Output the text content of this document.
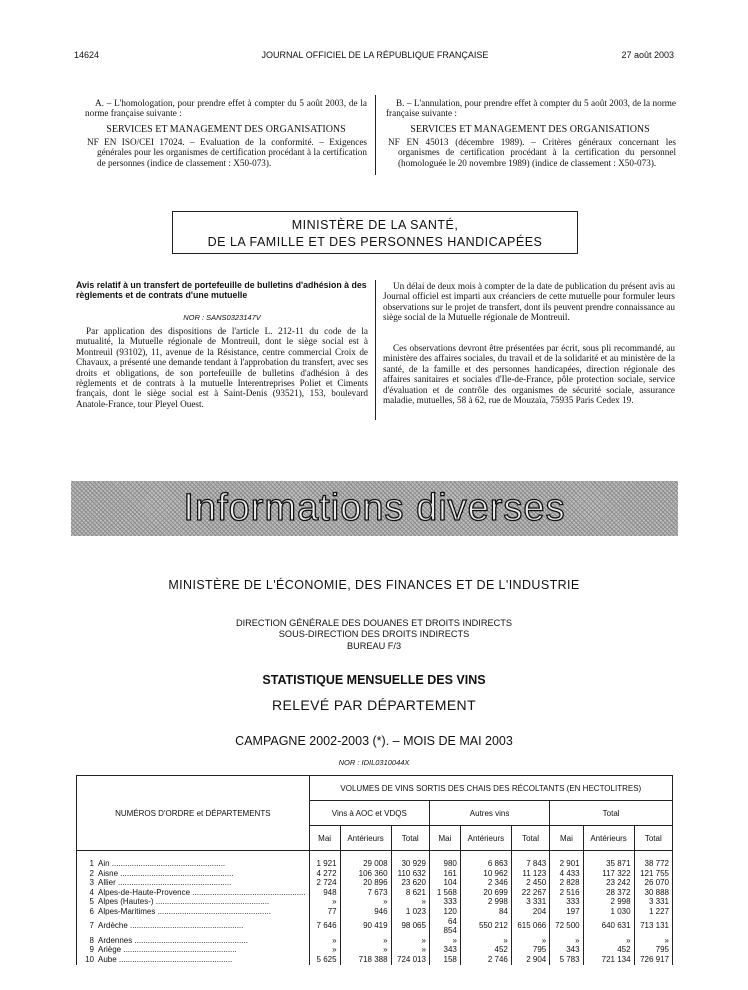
14624	JOURNAL OFFICIEL DE LA RÉPUBLIQUE FRANÇAISE	27 août 2003
A. – L'homologation, pour prendre effet à compter du 5 août 2003, de la norme française suivante :
SERVICES ET MANAGEMENT DES ORGANISATIONS
NF EN ISO/CEI 17024. – Evaluation de la conformité. – Exigences générales pour les organismes de certification procédant à la certification de personnes (indice de classement : X50-073).
B. – L'annulation, pour prendre effet à compter du 5 août 2003, de la norme française suivante :
SERVICES ET MANAGEMENT DES ORGANISATIONS
NF EN 45013 (décembre 1989). – Critères généraux concernant les organismes de certification procédant à la certification du personnel (homologuée le 20 novembre 1989) (indice de classement : X50-073).
MINISTÈRE DE LA SANTÉ,
DE LA FAMILLE ET DES PERSONNES HANDICAPÉES
Avis relatif à un transfert de portefeuille de bulletins d'adhésion à des règlements et de contrats d'une mutuelle
NOR : SANS0323147V
Par application des dispositions de l'article L. 212-11 du code de la mutualité, la Mutuelle régionale de Montreuil, dont le siège social est à Montreuil (93102), 11, avenue de la Résistance, centre commercial Croix de Chavaux, a présenté une demande tendant à l'approbation du transfert, avec ses droits et obligations, de son portefeuille de bulletins d'adhésion à des règlements et de contrats à la mutuelle Interentreprises Poliet et Ciments français, dont le siège social est à Saint-Denis (93521), 153, boulevard Anatole-France, tour Pleyel Ouest.
Un délai de deux mois à compter de la date de publication du présent avis au Journal officiel est imparti aux créanciers de cette mutuelle pour formuler leurs observations sur le projet de transfert, dont ils peuvent prendre connaissance au siège social de la Mutuelle régionale de Montreuil.
Ces observations devront être présentées par écrit, sous pli recommandé, au ministère des affaires sociales, du travail et de la solidarité et au ministère de la santé, de la famille et des personnes handicapées, direction régionale des affaires sanitaires et sociales d'Ile-de-France, pôle protection sociale, service d'évaluation et de contrôle des organismes de sécurité sociale, assurance maladie, mutuelles, 58 à 62, rue de Mouzaïa, 75935 Paris Cedex 19.
Informations diverses
MINISTÈRE DE L'ÉCONOMIE, DES FINANCES ET DE L'INDUSTRIE
DIRECTION GÉNÉRALE DES DOUANES ET DROITS INDIRECTS
SOUS-DIRECTION DES DROITS INDIRECTS
BUREAU F/3
STATISTIQUE MENSUELLE DES VINS
RELEVÉ PAR DÉPARTEMENT
CAMPAGNE 2002-2003 (*). – MOIS DE MAI 2003
NOR : IDIL0310044X
NUMÉROS D'ORDRE et DÉPARTEMENTS	VOLUMES DE VINS SORTIS DES CHAIS DES RÉCOLTANTS (EN HECTOLITRES)								
	Vins à AOC et VDQS			Autres vins			Total		
	Mai	Antérieurs	Total	Mai	Antérieurs	Total	Mai	Antérieurs	Total

1 Ain .....	1 921	29 008	30 929	980	6 863	7 843	2 901	35 871	38 772

2 Aisne .....	4 272	106 360	110 632	161	10 962	11 123	4 433	117 322	121 755

3 Allier .....	2 724	20 896	23 620	104	2 346	2 450	2 828	23 242	26 070

4 Alpes-de-Haute-Provence .....	948	7 673	8 621	1 568	20 699	22 267	2 516	28 372	30 888

5 Alpes (Hautes-) .....	»	»	»	333	2 998	3 331	333	2 998	3 331

6 Alpes-Maritimes .....	77	946	1 023	120	84	204	197	1 030	1 227

7 Ardèche .....	7 646	90 419	98 065	64 854	550 212	615 066	72 500	640 631	713 131

8 Ardennes .....	»	»	»	»	»	»	»	»	»

9 Ariège .....	»	»	»	343	452	795	343	452	795

10 Aube .....	5 625	718 388	724 013	158	2 746	2 904	5 783	721 134	726 917
